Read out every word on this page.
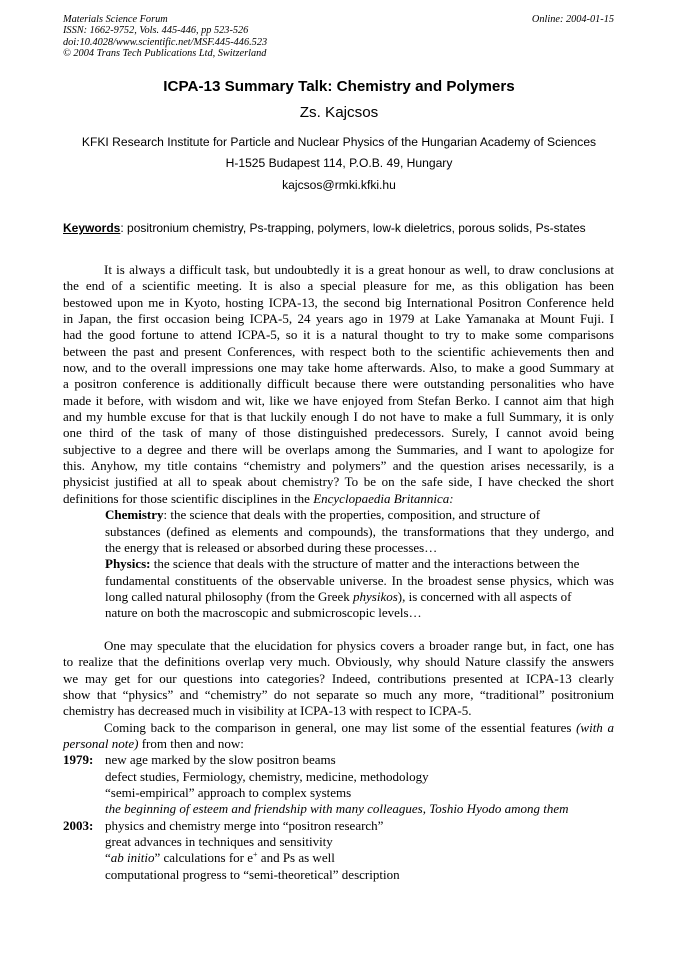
Materials Science Forum
ISSN: 1662-9752, Vols. 445-446, pp 523-526
doi:10.4028/www.scientific.net/MSF.445-446.523
© 2004 Trans Tech Publications Ltd, Switzerland
Online: 2004-01-15
ICPA-13 Summary Talk: Chemistry and Polymers
Zs. Kajcsos
KFKI Research Institute for Particle and Nuclear Physics of the Hungarian Academy of Sciences
H-1525 Budapest 114, P.O.B. 49, Hungary
kajcsos@rmki.kfki.hu
Keywords: positronium chemistry, Ps-trapping, polymers, low-k dieletrics, porous solids, Ps-states
It is always a difficult task, but undoubtedly it is a great honour as well, to draw conclusions at
the end of a scientific meeting. It is also a special pleasure for me, as this obligation has been
bestowed upon me in Kyoto, hosting ICPA-13, the second big International Positron Conference held
in Japan, the first occasion being ICPA-5, 24 years ago in 1979 at Lake Yamanaka at Mount Fuji. I
had the good fortune to attend ICPA-5, so it is a natural thought to try to make some comparisons
between the past and present Conferences, with respect both to the scientific achievements then and
now, and to the overall impressions one may take home afterwards. Also, to make a good Summary at
a positron conference is additionally difficult because there were outstanding personalities who have
made it before, with wisdom and wit, like we have enjoyed from Stefan Berko. I cannot aim that high
and my humble excuse for that is that luckily enough I do not have to make a full Summary, it is only
one third of the task of many of those distinguished predecessors. Surely, I cannot avoid being
subjective to a degree and there will be overlaps among the Summaries, and I want to apologize for
this. Anyhow, my title contains “chemistry and polymers” and the question arises necessarily, is a
physicist justified at all to speak about chemistry? To be on the safe side, I have checked the short
definitions for those scientific disciplines in the Encyclopaedia Britannica:
Chemistry: the science that deals with the properties, composition, and structure of
substances (defined as elements and compounds), the transformations that they undergo, and
the energy that is released or absorbed during these processes…
Physics: the science that deals with the structure of matter and the interactions between the
fundamental constituents of the observable universe. In the broadest sense physics, which was
long called natural philosophy (from the Greek physikos), is concerned with all aspects of
nature on both the macroscopic and submicroscopic levels…
One may speculate that the elucidation for physics covers a broader range but, in fact, one has
to realize that the definitions overlap very much. Obviously, why should Nature classify the answers
we may get for our questions into categories? Indeed, contributions presented at ICPA-13 clearly
show that “physics” and “chemistry” do not separate so much any more, “traditional” positronium
chemistry has decreased much in visibility at ICPA-13 with respect to ICPA-5.
Coming back to the comparison in general, one may list some of the essential features (with a
personal note) from then and now:
1979: new age marked by the slow positron beams
defect studies, Fermiology, chemistry, medicine, methodology
“semi-empirical” approach to complex systems
the beginning of esteem and friendship with many colleagues, Toshio Hyodo among them
2003: physics and chemistry merge into “positron research”
great advances in techniques and sensitivity
“ab initio” calculations for e+ and Ps as well
computational progress to “semi-theoretical” description
